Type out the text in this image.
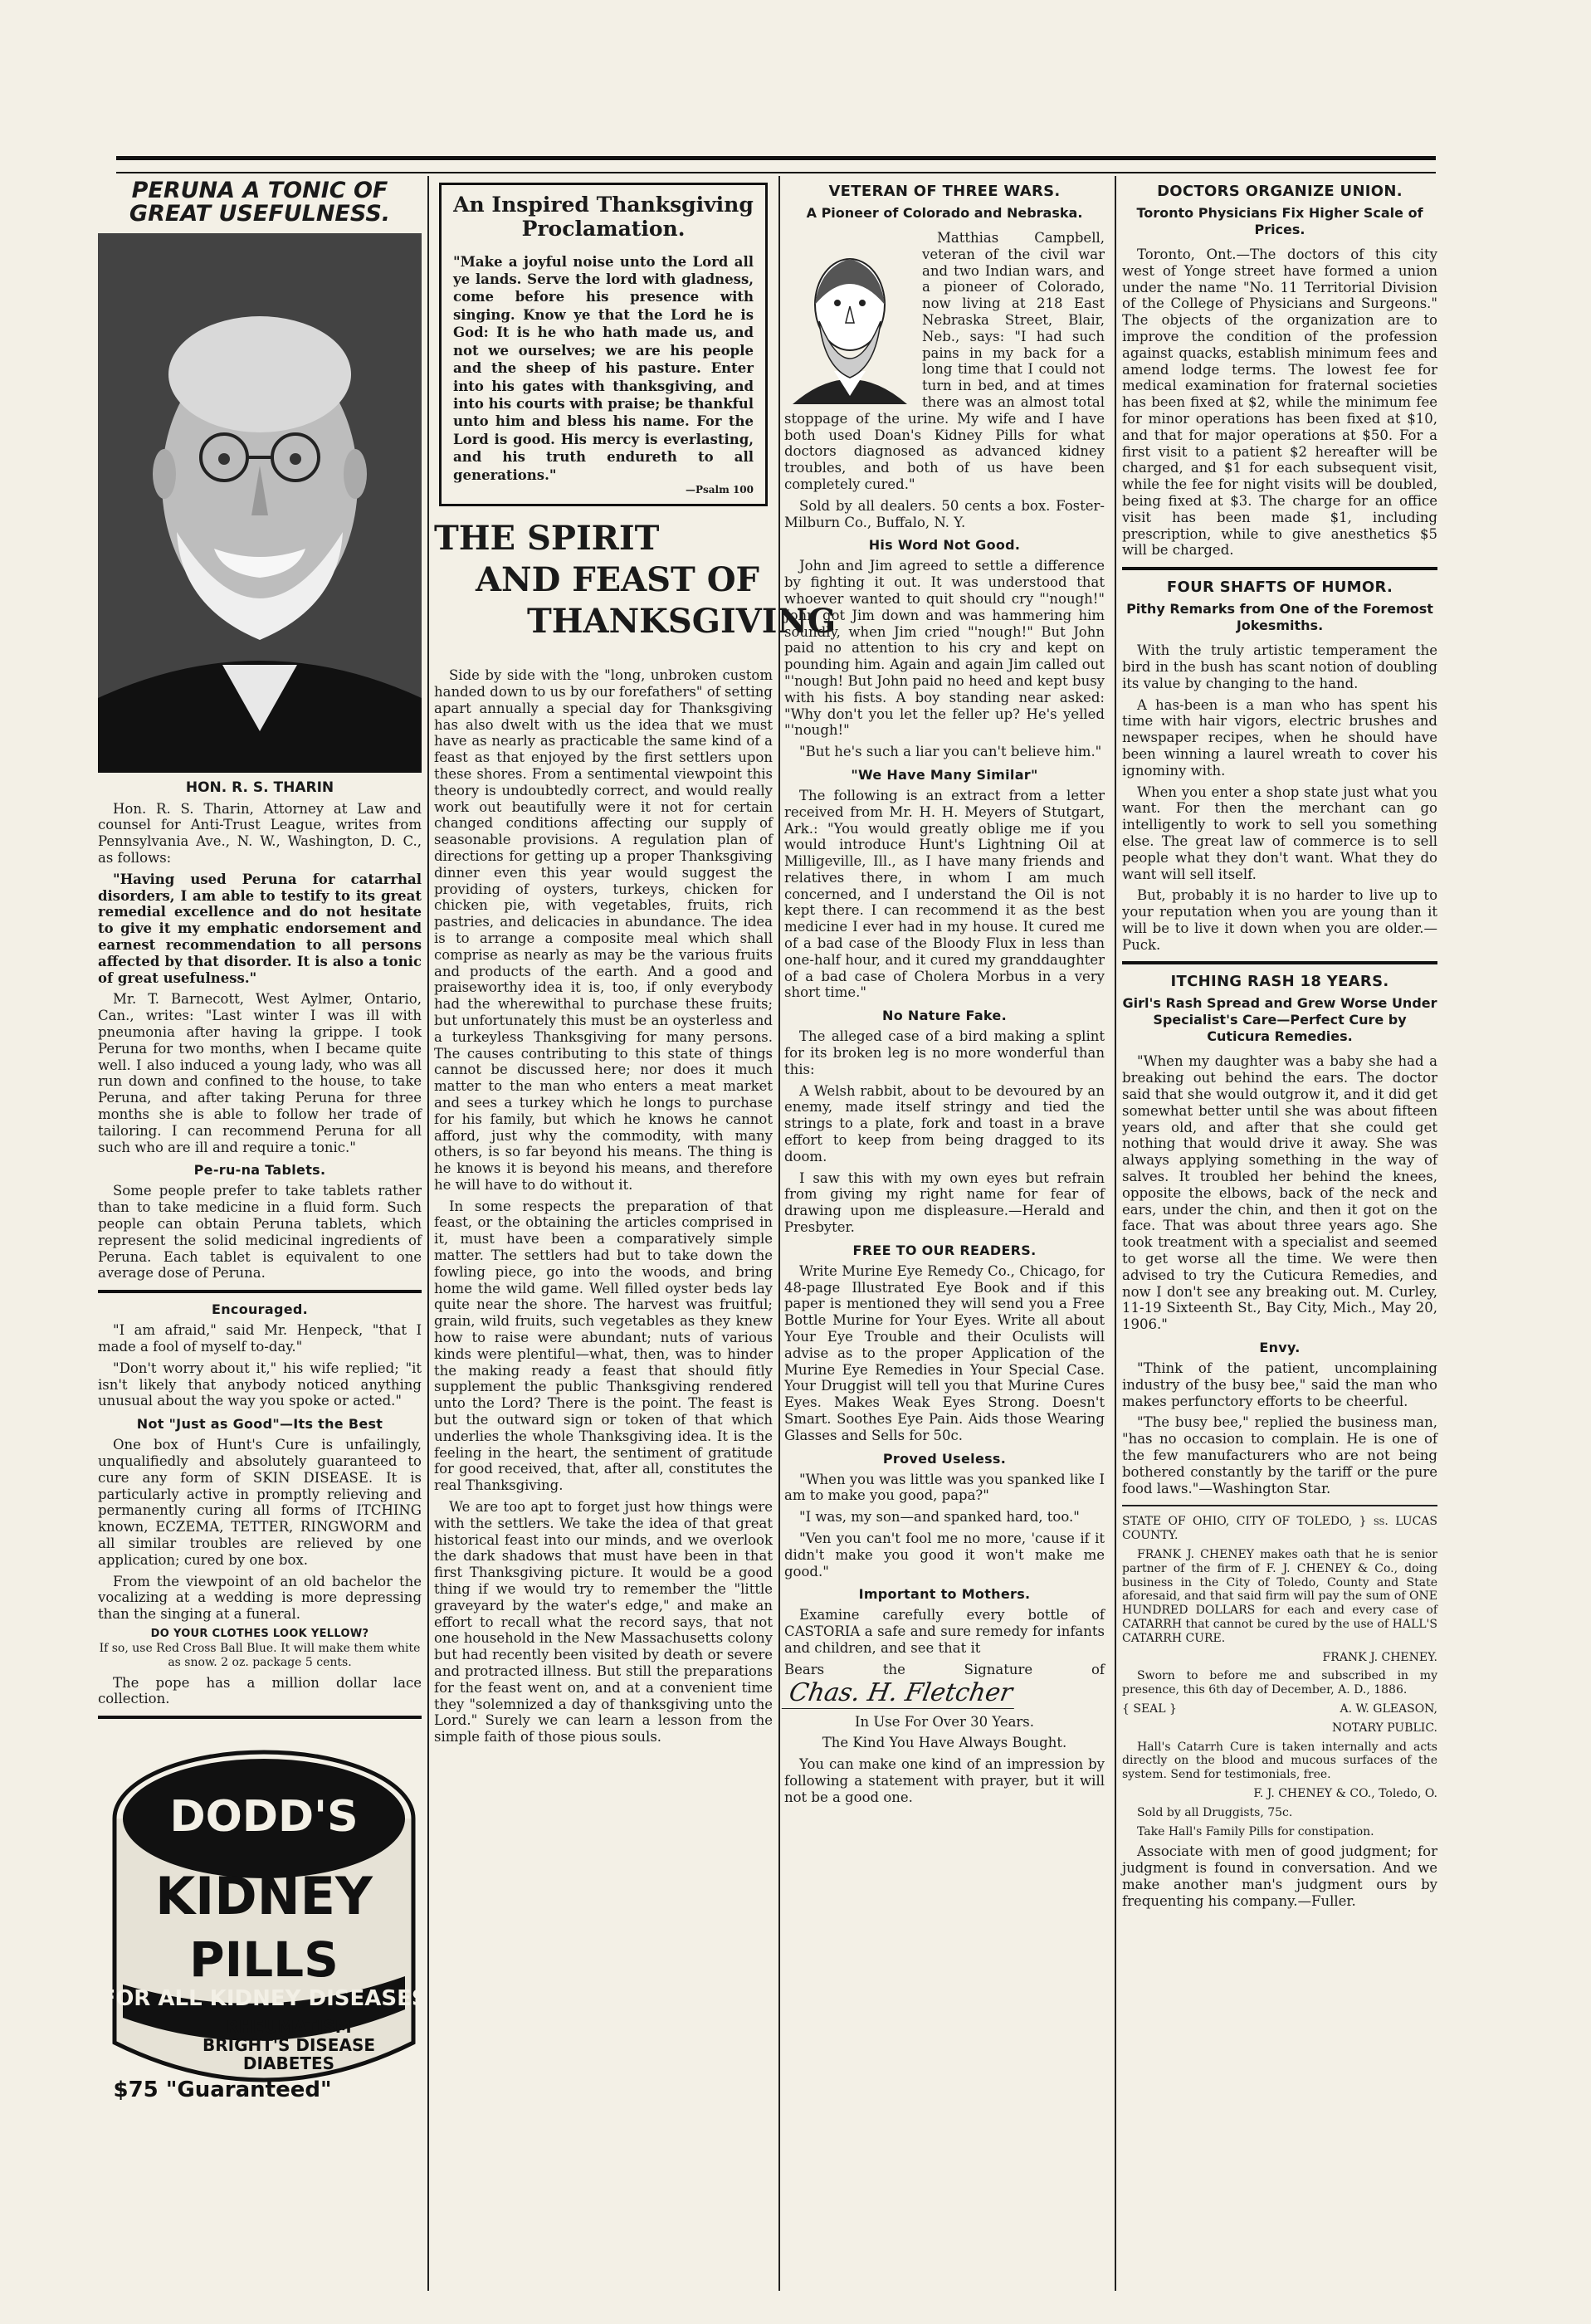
PERUNA A TONIC OF
GREAT USEFULNESS.
HON. R. S. THARIN

Hon. R. S. Tharin, Attorney at Law and counsel for Anti-Trust League, writes from Pennsylvania Ave., N. W., Washington, D. C., as follows:

"Having used Peruna for catarrhal disorders, I am able to testify to its great remedial excellence and do not hesitate to give it my emphatic endorsement and earnest recommendation to all persons affected by that disorder. It is also a tonic of great usefulness."

Mr. T. Barnecott, West Aylmer, Ontario, Can., writes: "Last winter I was ill with pneumonia after having la grippe. I took Peruna for two months, when I became quite well. I also induced a young lady, who was all run down and confined to the house, to take Peruna, and after taking Peruna for three months she is able to follow her trade of tailoring. I can recommend Peruna for all such who are ill and require a tonic."

Pe-ru-na Tablets.

Some people prefer to take tablets rather than to take medicine in a fluid form. Such people can obtain Peruna tablets, which represent the solid medicinal ingredients of Peruna. Each tablet is equivalent to one average dose of Peruna.

Encouraged.

"I am afraid," said Mr. Henpeck, "that I made a fool of myself to-day."

"Don't worry about it," his wife replied; "it isn't likely that anybody noticed anything unusual about the way you spoke or acted."

Not "Just as Good"—Its the Best

One box of Hunt's Cure is unfailingly, unqualifiedly and absolutely guaranteed to cure any form of SKIN DISEASE. It is particularly active in promptly relieving and permanently curing all forms of ITCHING known, ECZEMA, TETTER, RINGWORM and all similar troubles are relieved by one application; cured by one box.

From the viewpoint of an old bachelor the vocalizing at a wedding is more depressing than the singing at a funeral.

DO YOUR CLOTHES LOOK YELLOW?

If so, use Red Cross Ball Blue. It will make them white as snow. 2 oz. package 5 cents.

The pope has a million dollar lace collection.

DODD'S
KIDNEY
PILLS
FOR ALL KIDNEY DISEASES
RHEUMATISM
BRIGHT'S DISEASE
DIABETES
$75 "Guaranteed"
An Inspired Thanksgiving
Proclamation.
"Make a joyful noise unto the Lord all ye lands. Serve the lord with gladness, come before his presence with singing. Know ye that the Lord he is God: It is he who hath made us, and not we ourselves; we are his people and the sheep of his pasture. Enter into his gates with thanksgiving, and into his courts with praise; be thankful unto him and bless his name. For the Lord is good. His mercy is everlasting, and his truth endureth to all generations."
—Psalm 100
THE SPIRIT
AND FEAST OF
THANKSGIVING

Side by side with the "long, unbroken custom handed down to us by our forefathers" of setting apart annually a special day for Thanksgiving has also dwelt with us the idea that we must have as nearly as practicable the same kind of a feast as that enjoyed by the first settlers upon these shores. From a sentimental viewpoint this theory is undoubtedly correct, and would really work out beautifully were it not for certain changed conditions affecting our supply of seasonable provisions. A regulation plan of directions for getting up a proper Thanksgiving dinner even this year would suggest the providing of oysters, turkeys, chicken for chicken pie, with vegetables, fruits, rich pastries, and delicacies in abundance. The idea is to arrange a composite meal which shall comprise as nearly as may be the various fruits and products of the earth. And a good and praiseworthy idea it is, too, if only everybody had the wherewithal to purchase these fruits; but unfortunately this must be an oysterless and a turkeyless Thanksgiving for many persons. The causes contributing to this state of things cannot be discussed here; nor does it much matter to the man who enters a meat market and sees a turkey which he longs to purchase for his family, but which he knows he cannot afford, just why the commodity, with many others, is so far beyond his means. The thing is he knows it is beyond his means, and therefore he will have to do without it.

In some respects the preparation of that feast, or the obtaining the articles comprised in it, must have been a comparatively simple matter. The settlers had but to take down the fowling piece, go into the woods, and bring home the wild game. Well filled oyster beds lay quite near the shore. The harvest was fruitful; grain, wild fruits, such vegetables as they knew how to raise were abundant; nuts of various kinds were plentiful—what, then, was to hinder the making ready a feast that should fitly supplement the public Thanksgiving rendered unto the Lord? There is the point. The feast is but the outward sign or token of that which underlies the whole Thanksgiving idea. It is the feeling in the heart, the sentiment of gratitude for good received, that, after all, constitutes the real Thanksgiving.

We are too apt to forget just how things were with the settlers. We take the idea of that great historical feast into our minds, and we overlook the dark shadows that must have been in that first Thanksgiving picture. It would be a good thing if we would try to remember the "little graveyard by the water's edge," and make an effort to recall what the record says, that not one household in the New Massachusetts colony but had recently been visited by death or severe and protracted illness. But still the preparations for the feast went on, and at a convenient time they "solemnized a day of thanksgiving unto the Lord." Surely we can learn a lesson from the simple faith of those pious souls.

VETERAN OF THREE WARS.
A Pioneer of Colorado and Nebraska.

Matthias Campbell, veteran of the civil war and two Indian wars, and a pioneer of Colorado, now living at 218 East Nebraska Street, Blair, Neb., says: "I had such pains in my back for a long time that I could not turn in bed, and at times there was an almost total stoppage of the urine. My wife and I have both used Doan's Kidney Pills for what doctors diagnosed as advanced kidney troubles, and both of us have been completely cured."

Sold by all dealers. 50 cents a box. Foster-Milburn Co., Buffalo, N. Y.

His Word Not Good.

John and Jim agreed to settle a difference by fighting it out. It was understood that whoever wanted to quit should cry "'nough!" John got Jim down and was hammering him soundly, when Jim cried "'nough!" But John paid no attention to his cry and kept on pounding him. Again and again Jim called out "'nough! But John paid no heed and kept busy with his fists. A boy standing near asked: "Why don't you let the feller up? He's yelled "'nough!"

"But he's such a liar you can't believe him."

"We Have Many Similar"

The following is an extract from a letter received from Mr. H. H. Meyers of Stutgart, Ark.: "You would greatly oblige me if you would introduce Hunt's Lightning Oil at Milligeville, Ill., as I have many friends and relatives there, in whom I am much concerned, and I understand the Oil is not kept there. I can recommend it as the best medicine I ever had in my house. It cured me of a bad case of the Bloody Flux in less than one-half hour, and it cured my granddaughter of a bad case of Cholera Morbus in a very short time."

No Nature Fake.

The alleged case of a bird making a splint for its broken leg is no more wonderful than this:

A Welsh rabbit, about to be devoured by an enemy, made itself stringy and tied the strings to a plate, fork and toast in a brave effort to keep from being dragged to its doom.

I saw this with my own eyes but refrain from giving my right name for fear of drawing upon me displeasure.—Herald and Presbyter.

FREE TO OUR READERS.

Write Murine Eye Remedy Co., Chicago, for 48-page Illustrated Eye Book and if this paper is mentioned they will send you a Free Bottle Murine for Your Eyes. Write all about Your Eye Trouble and their Oculists will advise as to the proper Application of the Murine Eye Remedies in Your Special Case. Your Druggist will tell you that Murine Cures Eyes. Makes Weak Eyes Strong. Doesn't Smart. Soothes Eye Pain. Aids those Wearing Glasses and Sells for 50c.

Proved Useless.

"When you was little was you spanked like I am to make you good, papa?"

"I was, my son—and spanked hard, too."

"Ven you can't fool me no more, 'cause if it didn't make you good it won't make me good."

Important to Mothers.

Examine carefully every bottle of CASTORIA a safe and sure remedy for infants and children, and see that it

Bears the Signature of Chas. H. Fletcher

In Use For Over 30 Years.

The Kind You Have Always Bought.

You can make one kind of an impression by following a statement with prayer, but it will not be a good one.

DOCTORS ORGANIZE UNION.
Toronto Physicians Fix Higher Scale of Prices.

Toronto, Ont.—The doctors of this city west of Yonge street have formed a union under the name "No. 11 Territorial Division of the College of Physicians and Surgeons." The objects of the organization are to improve the condition of the profession against quacks, establish minimum fees and amend lodge terms. The lowest fee for medical examination for fraternal societies has been fixed at $2, while the minimum fee for minor operations has been fixed at $10, and that for major operations at $50. For a first visit to a patient $2 hereafter will be charged, and $1 for each subsequent visit, while the fee for night visits will be doubled, being fixed at $3. The charge for an office visit has been made $1, including prescription, while to give anesthetics $5 will be charged.

FOUR SHAFTS OF HUMOR.
Pithy Remarks from One of the Foremost Jokesmiths.

With the truly artistic temperament the bird in the bush has scant notion of doubling its value by changing to the hand.

A has-been is a man who has spent his time with hair vigors, electric brushes and newspaper recipes, when he should have been winning a laurel wreath to cover his ignominy with.

When you enter a shop state just what you want. For then the merchant can go intelligently to work to sell you something else. The great law of commerce is to sell people what they don't want. What they do want will sell itself.

But, probably it is no harder to live up to your reputation when you are young than it will be to live it down when you are older.—Puck.

ITCHING RASH 18 YEARS.
Girl's Rash Spread and Grew Worse Under Specialist's Care—Perfect Cure by Cuticura Remedies.

"When my daughter was a baby she had a breaking out behind the ears. The doctor said that she would outgrow it, and it did get somewhat better until she was about fifteen years old, and after that she could get nothing that would drive it away. She was always applying something in the way of salves. It troubled her behind the knees, opposite the elbows, back of the neck and ears, under the chin, and then it got on the face. That was about three years ago. She took treatment with a specialist and seemed to get worse all the time. We were then advised to try the Cuticura Remedies, and now I don't see any breaking out. M. Curley, 11-19 Sixteenth St., Bay City, Mich., May 20, 1906."

Envy.

"Think of the patient, uncomplaining industry of the busy bee," said the man who makes perfunctory efforts to be cheerful.

"The busy bee," replied the business man, "has no occasion to complain. He is one of the few manufacturers who are not being bothered constantly by the tariff or the pure food laws."—Washington Star.

STATE OF OHIO, CITY OF TOLEDO, } ss. LUCAS COUNTY.

FRANK J. CHENEY makes oath that he is senior partner of the firm of F. J. CHENEY & Co., doing business in the City of Toledo, County and State aforesaid, and that said firm will pay the sum of ONE HUNDRED DOLLARS for each and every case of CATARRH that cannot be cured by the use of HALL'S CATARRH CURE.

FRANK J. CHENEY.

Sworn to before me and subscribed in my presence, this 6th day of December, A. D., 1886.

{ SEAL }	A. W. GLEASON,

NOTARY PUBLIC.

Hall's Catarrh Cure is taken internally and acts directly on the blood and mucous surfaces of the system. Send for testimonials, free.

F. J. CHENEY & CO., Toledo, O.

Sold by all Druggists, 75c.

Take Hall's Family Pills for constipation.

Associate with men of good judgment; for judgment is found in conversation. And we make another man's judgment ours by frequenting his company.—Fuller.
